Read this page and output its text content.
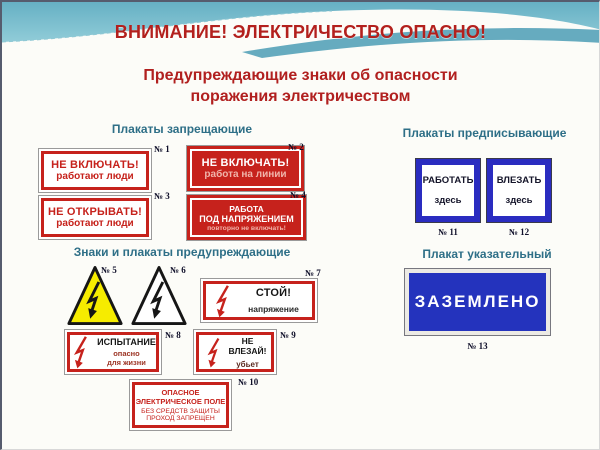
ВНИМАНИЕ! ЭЛЕКТРИЧЕСТВО ОПАСНО!
Предупреждающие знаки об опасности
поражения электричеством
Плакаты запрещающие	Плакаты предписывающие
Знаки и плакаты предупреждающие	Плакат указательный
НЕ ВКЛЮЧАТЬ!
работают люди
№ 1
НЕ ВКЛЮЧАТЬ!
работа на линии
№ 2
НЕ ОТКРЫВАТЬ!
работают люди
№ 3
РАБОТА
ПОД НАПРЯЖЕНИЕМ
повторно не включать!
№ 4
№ 5	№ 6
СТОЙ!
напряжение
№ 7
ИСПЫТАНИЕ
опасно
для жизни
№ 8
НЕ ВЛЕЗАЙ!
убьет
№ 9
ОПАСНОЕ
ЭЛЕКТРИЧЕСКОЕ ПОЛЕ
БЕЗ СРЕДСТВ ЗАЩИТЫ
ПРОХОД ЗАПРЕЩЕН
№ 10
РАБОТАТЬ
здесь
№ 11
ВЛЕЗАТЬ
здесь
№ 12
ЗАЗЕМЛЕНО
№ 13
